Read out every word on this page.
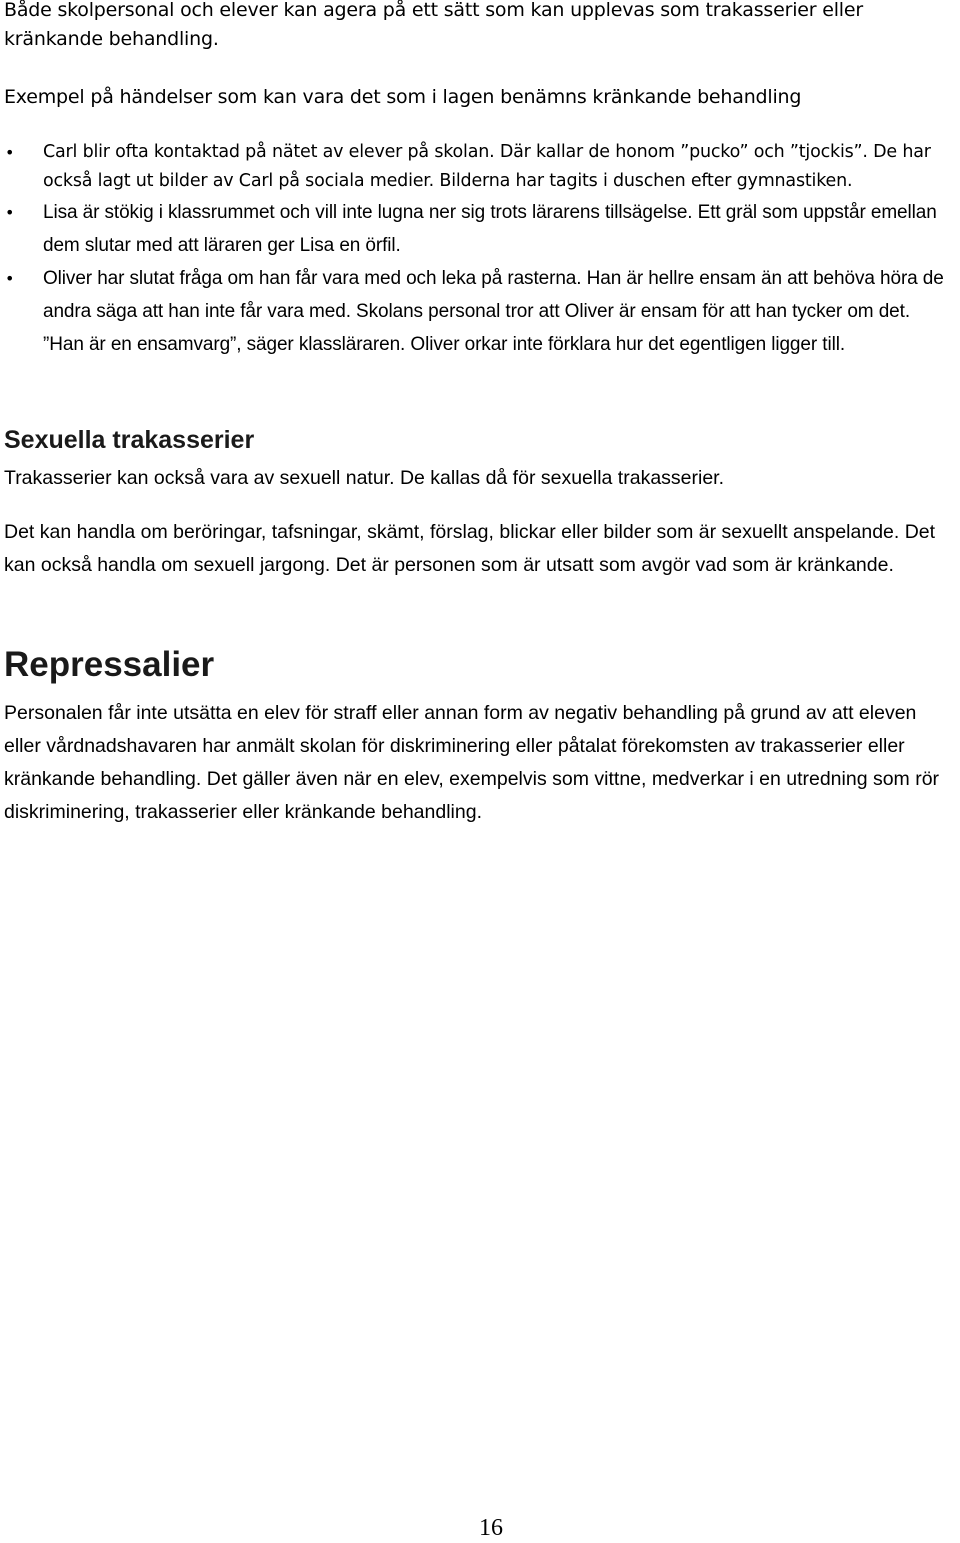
Både skolpersonal och elever kan agera på ett sätt som kan upplevas som trakasserier eller kränkande behandling.

Exempel på händelser som kan vara det som i lagen benämns kränkande behandling

• Carl blir ofta kontaktad på nätet av elever på skolan. Där kallar de honom ”pucko” och ”tjockis”. De har också lagt ut bilder av Carl på sociala medier. Bilderna har tagits i duschen efter gymnastiken.
• Lisa är stökig i klassrummet och vill inte lugna ner sig trots lärarens tillsägelse. Ett gräl som uppstår emellan dem slutar med att läraren ger Lisa en örfil.
• Oliver har slutat fråga om han får vara med och leka på rasterna. Han är hellre ensam än att behöva höra de andra säga att han inte får vara med. Skolans personal tror att Oliver är ensam för att han tycker om det. ”Han är en ensamvarg”, säger klassläraren. Oliver orkar inte förklara hur det egentligen ligger till.
Sexuella trakasserier

Trakasserier kan också vara av sexuell natur. De kallas då för sexuella trakasserier.

Det kan handla om beröringar, tafsningar, skämt, förslag, blickar eller bilder som är sexuellt anspelande. Det kan också handla om sexuell jargong. Det är personen som är utsatt som avgör vad som är kränkande.

Repressalier

Personalen får inte utsätta en elev för straff eller annan form av negativ behandling på grund av att eleven eller vårdnadshavaren har anmält skolan för diskriminering eller påtalat förekomsten av trakasserier eller kränkande behandling. Det gäller även när en elev, exempelvis som vittne, medverkar i en utredning som rör diskriminering, trakasserier eller kränkande behandling.

16
